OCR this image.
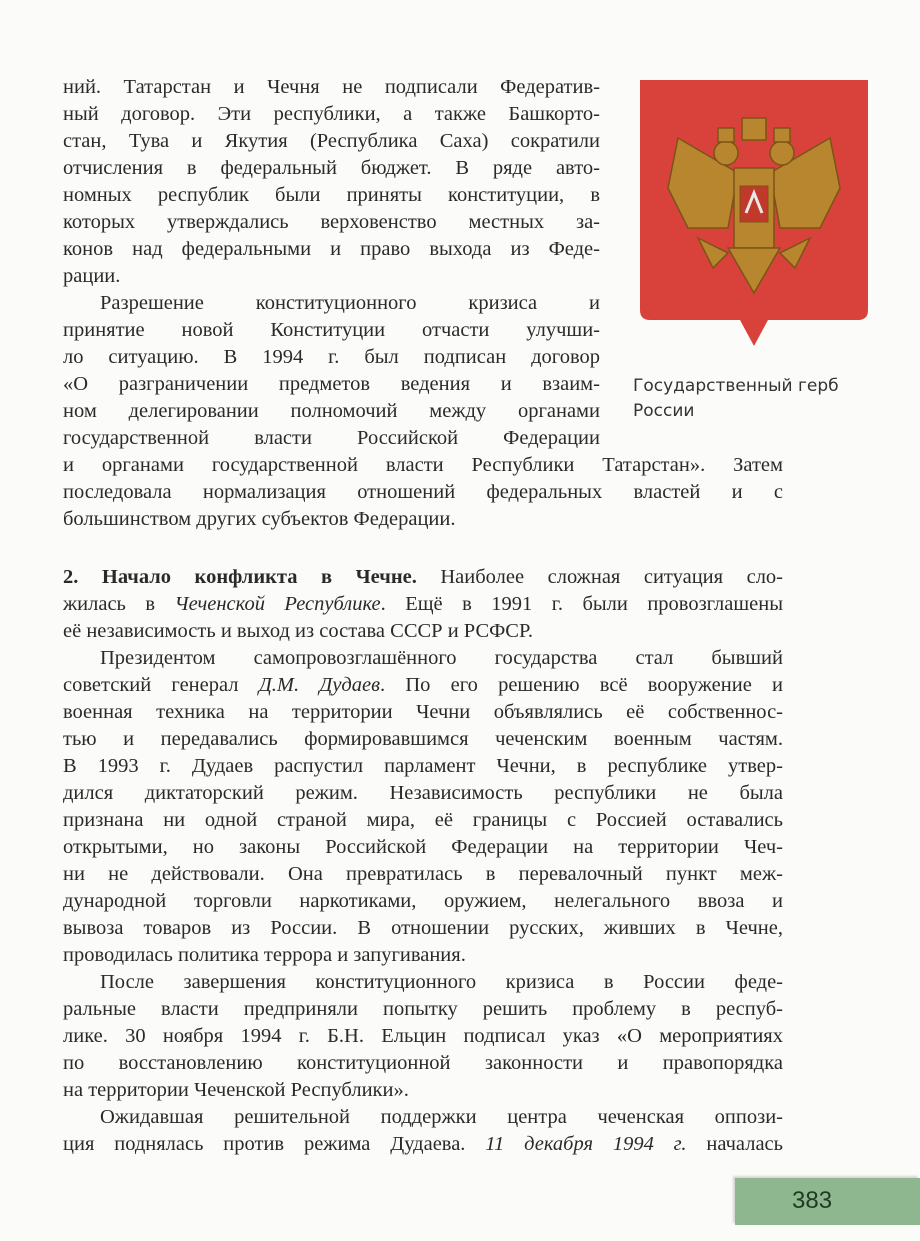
ний. Татарстан и Чечня не подписали Федератив-
ный договор. Эти республики, а также Башкорто-
стан, Тува и Якутия (Республика Саха) сократили
отчисления в федеральный бюджет. В ряде авто-
номных республик были приняты конституции, в
которых утверждались верховенство местных за-
конов над федеральными и право выхода из Феде-
рации.
Разрешение конституционного кризиса и
принятие новой Конституции отчасти улучши-
ло ситуацию. В 1994 г. был подписан договор
«О разграничении предметов ведения и взаим-
ном делегировании полномочий между органами
государственной власти Российской Федерации
и органами государственной власти Республики Татарстан». Затем
последовала нормализация отношений федеральных властей и с
большинством других субъектов Федерации.
2. Начало конфликта в Чечне. Наиболее сложная ситуация сло-
жилась в Чеченской Республике. Ещё в 1991 г. были провозглашены
её независимость и выход из состава СССР и РСФСР.
Президентом самопровозглашённого государства стал бывший
советский генерал Д.М. Дудаев. По его решению всё вооружение и
военная техника на территории Чечни объявлялись её собственнос-
тью и передавались формировавшимся чеченским военным частям.
В 1993 г. Дудаев распустил парламент Чечни, в республике утвер-
дился диктаторский режим. Независимость республики не была
признана ни одной страной мира, её границы с Россией оставались
открытыми, но законы Российской Федерации на территории Чеч-
ни не действовали. Она превратилась в перевалочный пункт меж-
дународной торговли наркотиками, оружием, нелегального ввоза и
вывоза товаров из России. В отношении русских, живших в Чечне,
проводилась политика террора и запугивания.
После завершения конституционного кризиса в России феде-
ральные власти предприняли попытку решить проблему в респуб-
лике. 30 ноября 1994 г. Б.Н. Ельцин подписал указ «О мероприятиях
по восстановлению конституционной законности и правопорядка
на территории Чеченской Республики».
Ожидавшая решительной поддержки центра чеченская оппози-
ция поднялась против режима Дудаева. 11 декабря 1994 г. началась
Государственный герб
России
383
